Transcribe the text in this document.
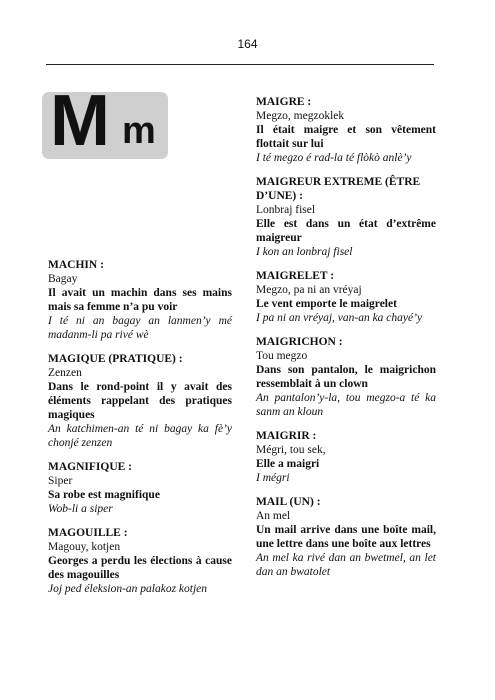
164
M m
MACHIN :
Bagay
Il avait un machin dans ses mains mais sa femme n’a pu voir
I té ni an bagay an lanmen’y mé madanm-li pa rivé wè
MAGIQUE (PRATIQUE) :
Zenzen
Dans le rond-point il y avait des éléments rappelant des pratiques magiques
An katchimen-an té ni bagay ka fè’y chonjé zenzen
MAGNIFIQUE :
Siper
Sa robe est magnifique
Wob-li a siper
MAGOUILLE :
Magouy, kotjen
Georges a perdu les élections à cause des magouilles
Joj ped éleksion-an palakoz kotjen
MAIGRE :
Megzo, megzoklek
Il était maigre et son vêtement flottait sur lui
I té megzo é rad-la té flòkò anlè’y
MAIGREUR EXTREME (ÊTRE D’UNE) :
Lonbraj fisel
Elle est dans un état d’extrême maigreur
I kon an lonbraj fisel
MAIGRELET :
Megzo, pa ni an vréyaj
Le vent emporte le maigrelet
I pa ni an vréyaj, van-an ka chayé’y
MAIGRICHON :
Tou megzo
Dans son pantalon, le maigrichon ressemblait à un clown
An pantalon’y-la, tou megzo-a té ka sanm an kloun
MAIGRIR :
Mégri, tou sek,
Elle a maigri
I mégri
MAIL (UN) :
An mel
Un mail arrive dans une boîte mail, une lettre dans une boîte aux lettres
An mel ka rivé dan an bwetmel, an let dan an bwatolet
